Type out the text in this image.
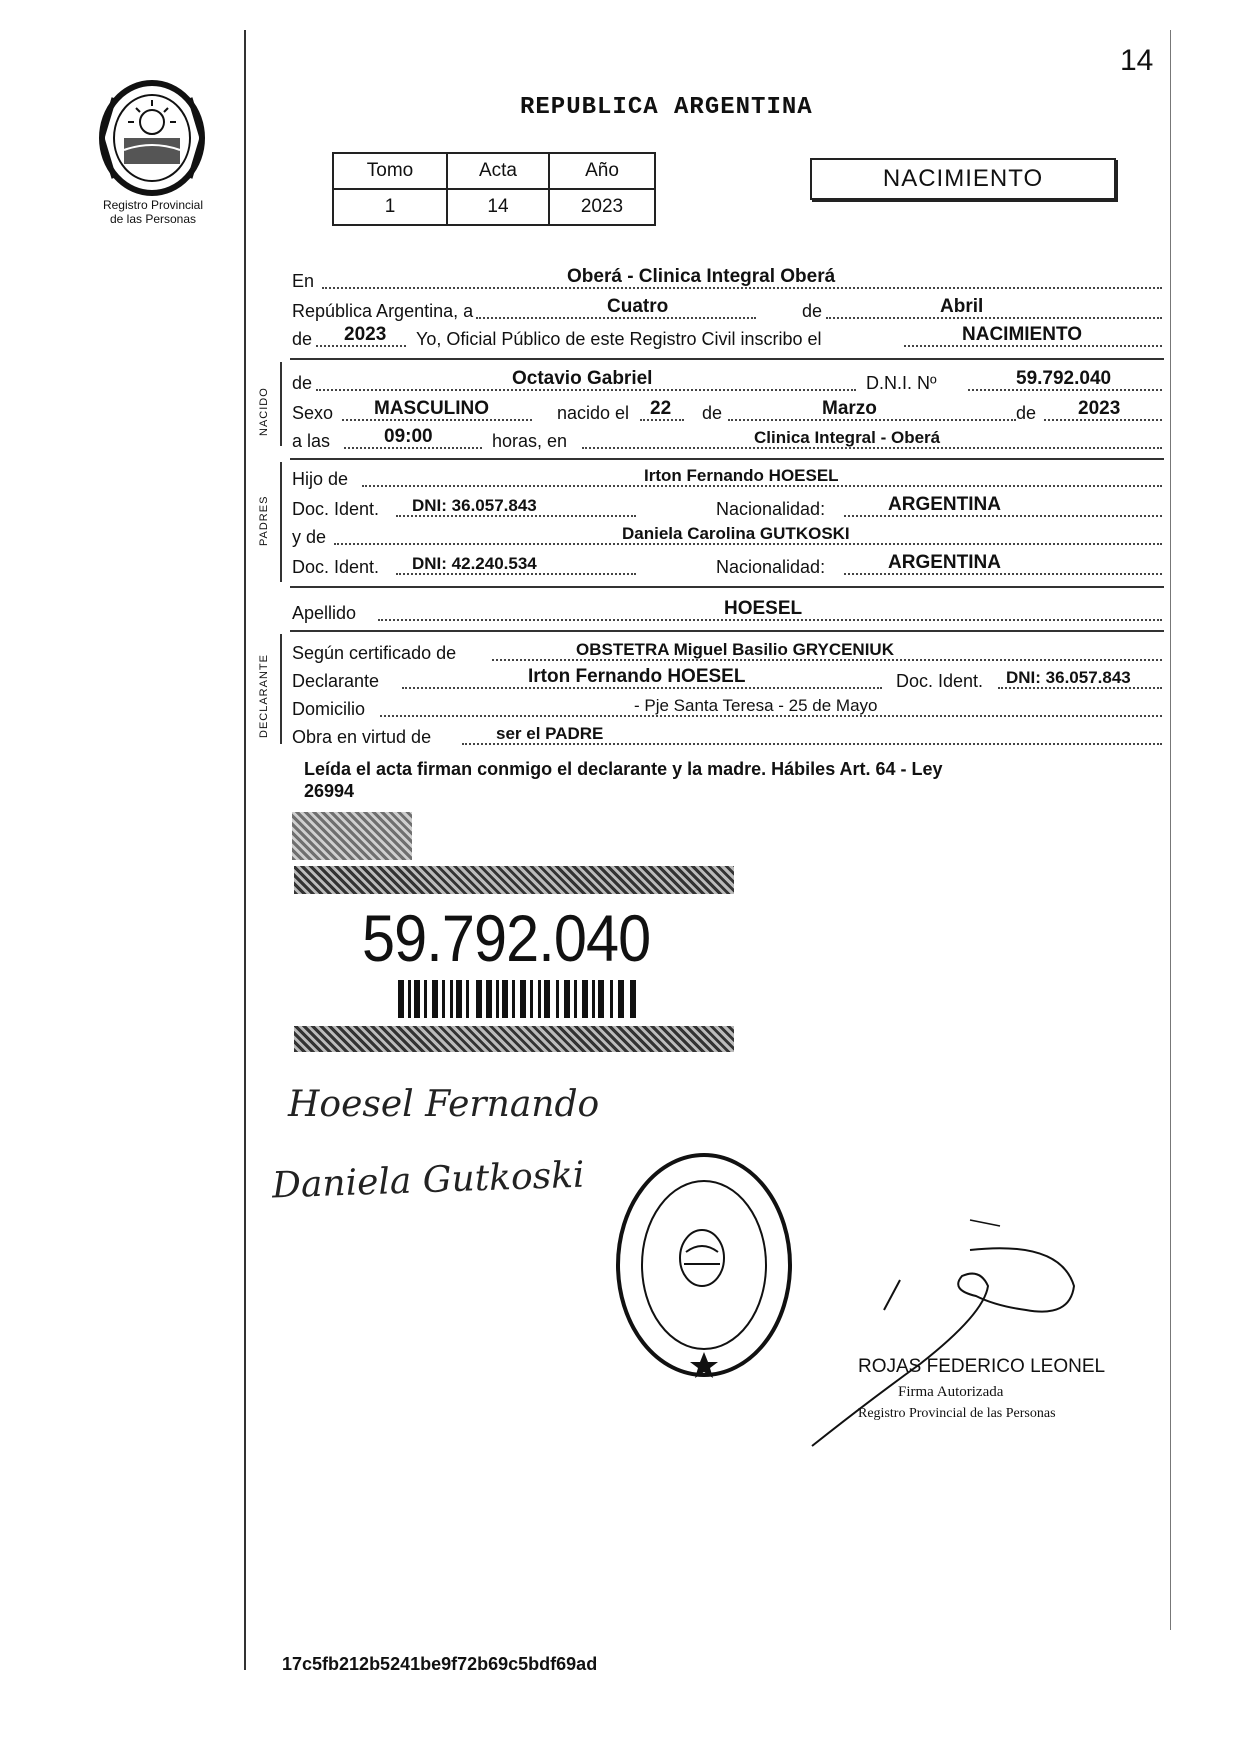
Registro Provincial
de las Personas
14
REPUBLICA ARGENTINA
Tomo	Acta	Año
1	14	2023
NACIMIENTO
En	Oberá - Clinica Integral Oberá
República Argentina, a	Cuatro	de	Abril
de 2023 Yo, Oficial Público de este Registro Civil inscribo el	NACIMIENTO
NACIDO
de	Octavio Gabriel	D.N.I. Nº	59.792.040
Sexo MASCULINO	nacido el 22 de	Marzo	de 2023
a las	09:00	horas, en	Clinica Integral - Oberá
PADRES
Hijo de	Irton Fernando HOESEL
Doc. Ident. DNI: 36.057.843	Nacionalidad:	ARGENTINA
y de	Daniela Carolina GUTKOSKI
Doc. Ident. DNI: 42.240.534	Nacionalidad:	ARGENTINA
Apellido	HOESEL
DECLARANTE
Según certificado de	OBSTETRA Miguel Basilio GRYCENIUK
Declarante	Irton Fernando HOESEL	Doc. Ident. DNI: 36.057.843
Domicilio	- Pje Santa Teresa - 25 de Mayo
Obra en virtud de	ser el PADRE
Leída el acta firman conmigo el declarante y la madre. Hábiles Art. 64 - Ley
26994
59.792.040
Hoesel Fernando
Daniela Gutkoski
ROJAS FEDERICO LEONEL
Firma Autorizada
Registro Provincial de las Personas
17c5fb212b5241be9f72b69c5bdf69ad
